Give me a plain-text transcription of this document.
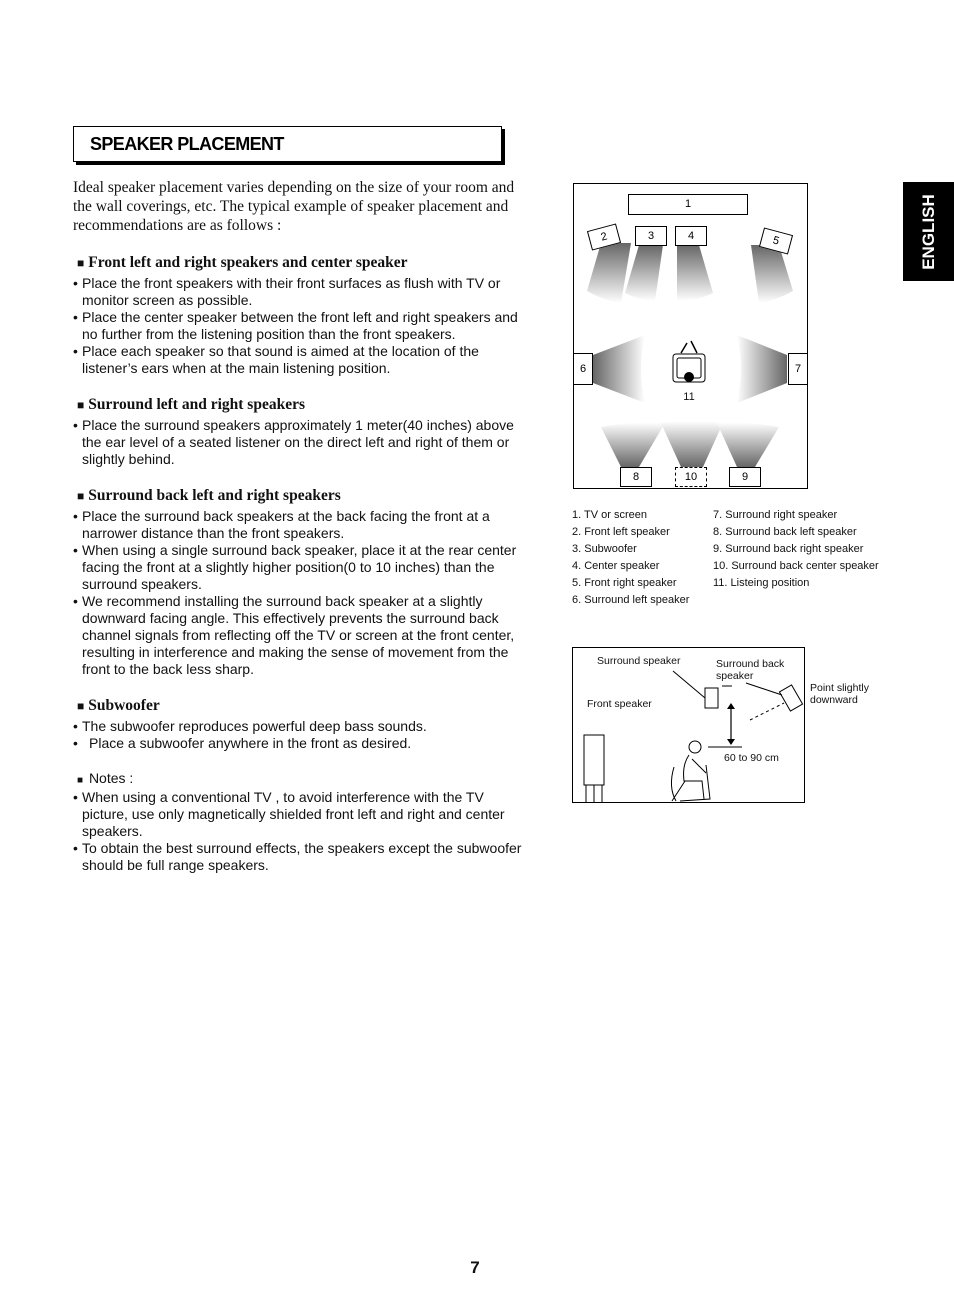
SPEAKER PLACEMENT
ENGLISH

Ideal speaker placement varies depending on the size of your room and the wall coverings, etc. The typical example of speaker placement and recommendations are as follows :

■ Front left and right speakers and center speaker
• Place the front speakers with their front surfaces as flush with TV or monitor screen as possible.
• Place the center speaker between the front left and right speakers and no further from the listening position than the front speakers.
• Place each speaker so that sound is aimed at the location of the listener’s ears when at the main listening position.
■ Surround left and right speakers
• Place the surround speakers approximately 1 meter(40 inches) above the ear level of a seated listener on the direct left and right of them or slightly behind.
■ Surround back left and right speakers
• Place the surround back speakers at the back facing the front at a narrower distance than the front speakers.
• When using a single surround back speaker, place it at the rear center facing the front at a slightly higher position(0 to 10 inches) than the surround speakers.
• We recommend installing the surround back speaker at a slightly downward facing angle. This effectively prevents the surround back channel signals from reflecting off the TV or screen at the front center, resulting in interference and making the sense of movement from the front to the back less sharp.
■ Subwoofer
• The subwoofer reproduces powerful deep bass sounds.
• Place a subwoofer anywhere in the front as desired.
■ Notes :
• When using a conventional TV , to avoid interference with the TV picture, use only magnetically shielded front left and right and center speakers.
• To obtain the best surround effects, the speakers except the subwoofer should be full range speakers.
1
2	3	4	5
6	7
8	9
10
11
1. TV or screen
2. Front left speaker
3. Subwoofer
4. Center speaker
5. Front right speaker
6. Surround left speaker
7. Surround right speaker
8. Surround back left speaker
9. Surround back right speaker
10. Surround back center speaker
11. Listeing position
Surround speaker	Surround back speaker
Front speaker
Point slightly downward
60 to 90 cm
7
